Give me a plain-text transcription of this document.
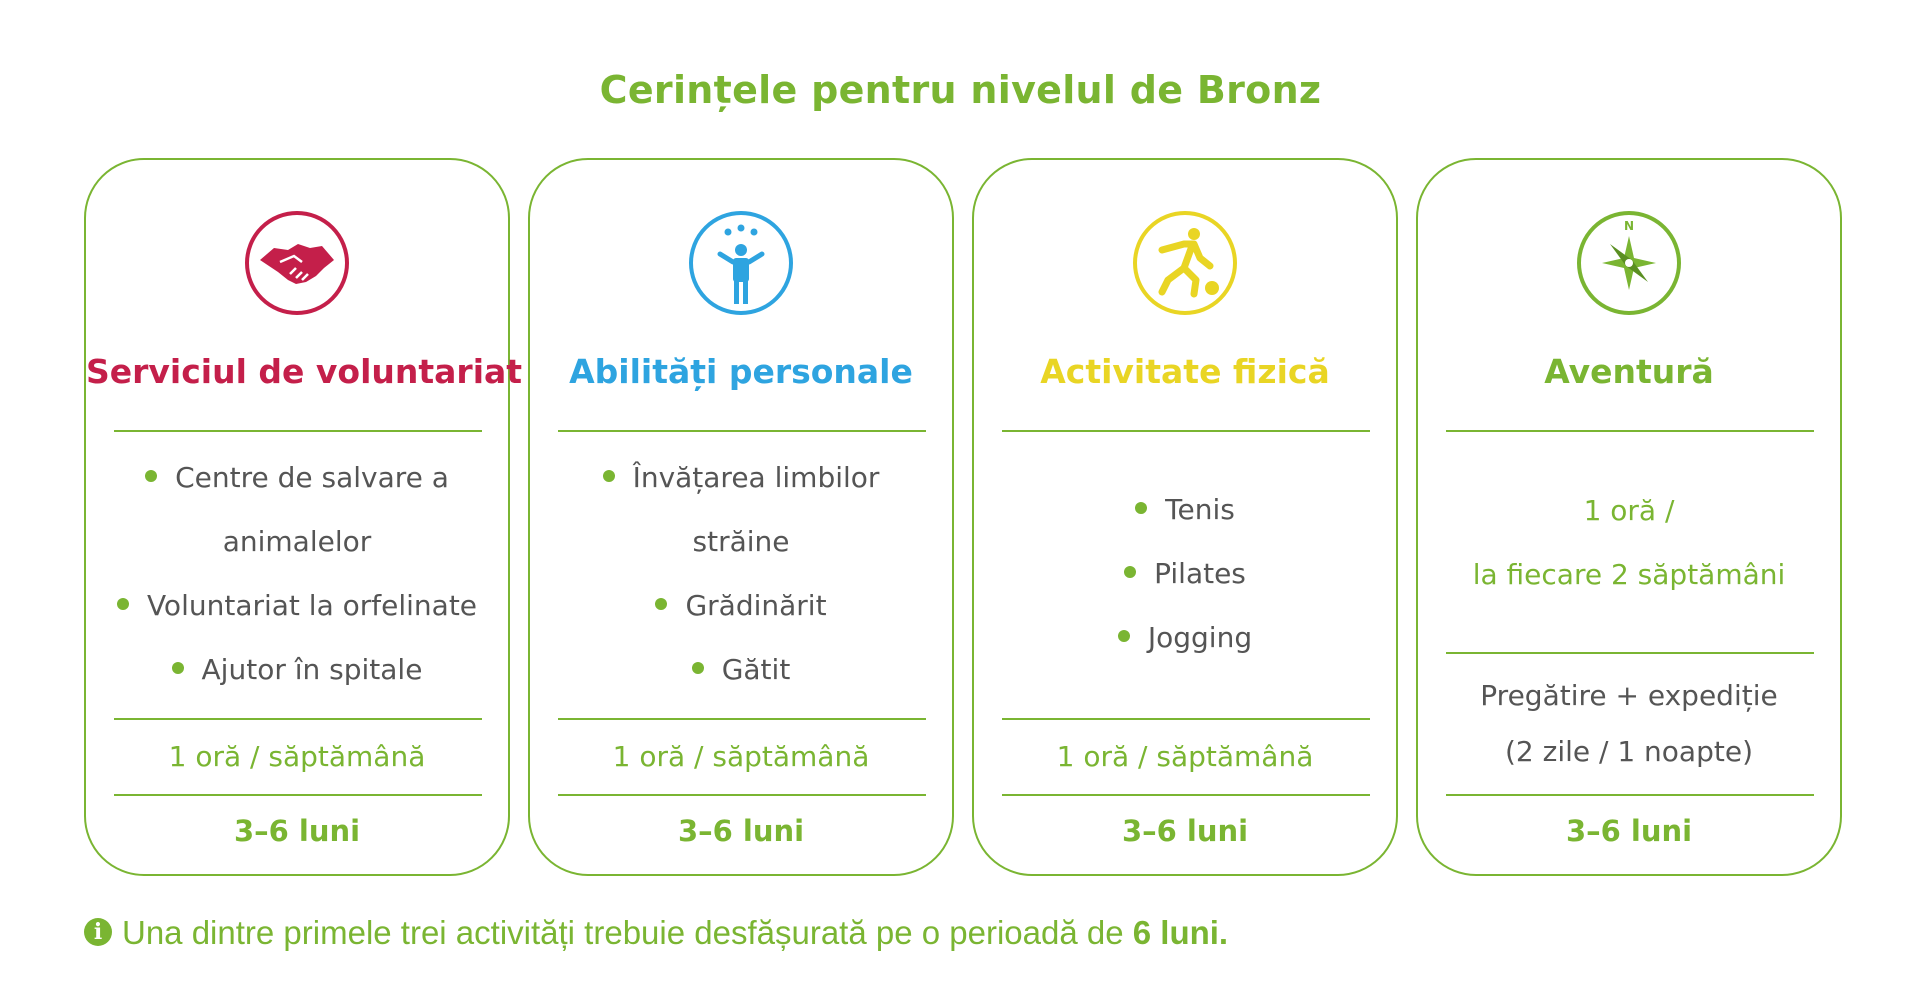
Cerințele pentru nivelul de Bronz
Serviciul de voluntariat
Centre de salvare a
animalelor
Voluntariat la orfelinate
Ajutor în spitale
1 oră / săptămână
3–6 luni
Abilități personale
Învățarea limbilor
străine
Grădinărit
Gătit
1 oră / săptămână
3–6 luni
Activitate fizică
Tenis
Pilates
Jogging
1 oră / săptămână
3–6 luni
N
Aventură
1 oră /
la fiecare 2 săptămâni
Pregătire + expediție
(2 zile / 1 noapte)
3–6 luni
i Una dintre primele trei activități trebuie desfășurată pe o perioadă de 6 luni.
